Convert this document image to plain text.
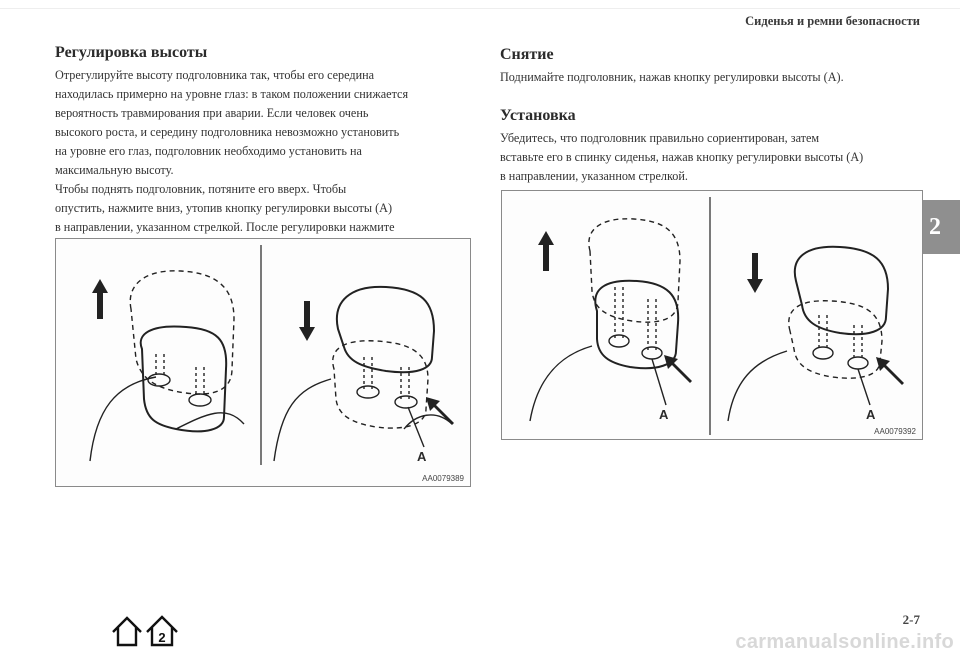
Сиденья и ремни безопасности
2
Регулировка высоты

Отрегулируйте высоту подголовника так, чтобы его середина
находилась примерно на уровне глаз: в таком положении снижается
вероятность травмирования при аварии. Если человек очень
высокого роста, и середину подголовника невозможно установить
на уровне его глаз, подголовник необходимо установить на
максимальную высоту.
Чтобы поднять подголовник, потяните его вверх. Чтобы
опустить, нажмите вниз, утопив кнопку регулировки высоты (A)
в направлении, указанном стрелкой. После регулировки нажмите

Снятие

Поднимайте подголовник, нажав кнопку регулировки высоты (A).

Установка

Убедитесь, что подголовник правильно сориентирован, затем
вставьте его в спинку сиденья, нажав кнопку регулировки высоты (A)
в направлении, указанном стрелкой.

A
AA0079389
A	A
AA0079392
2
2-7
carmanualsonline.info
